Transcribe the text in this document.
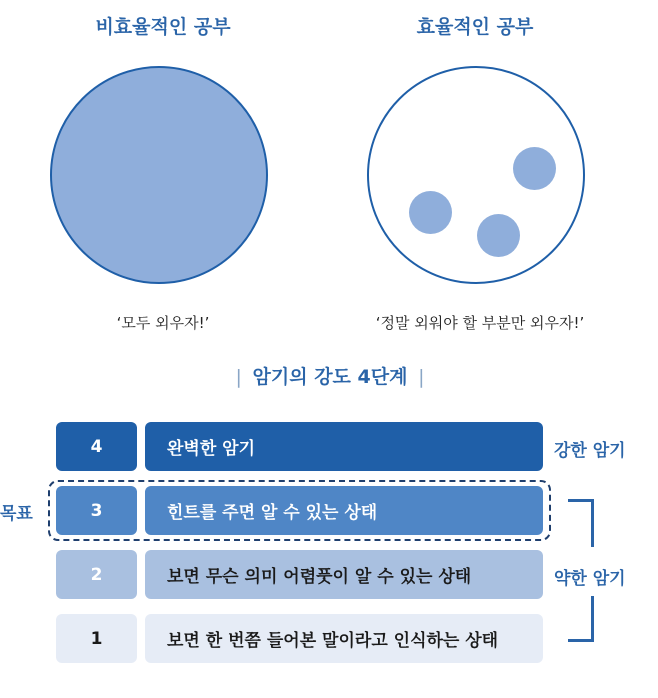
비효율적인 공부
‘모두 외우자!’
효율적인 공부
‘정말 외워야 할 부분만 외우자!’
| 암기의 강도 4단계 |
4	완벽한 암기
3	힌트를 주면 알 수 있는 상태
2	보면 무슨 의미 어렴풋이 알 수 있는 상태
1	보면 한 번쯤 들어본 말이라고 인식하는 상태
목표
강한 암기
약한 암기
